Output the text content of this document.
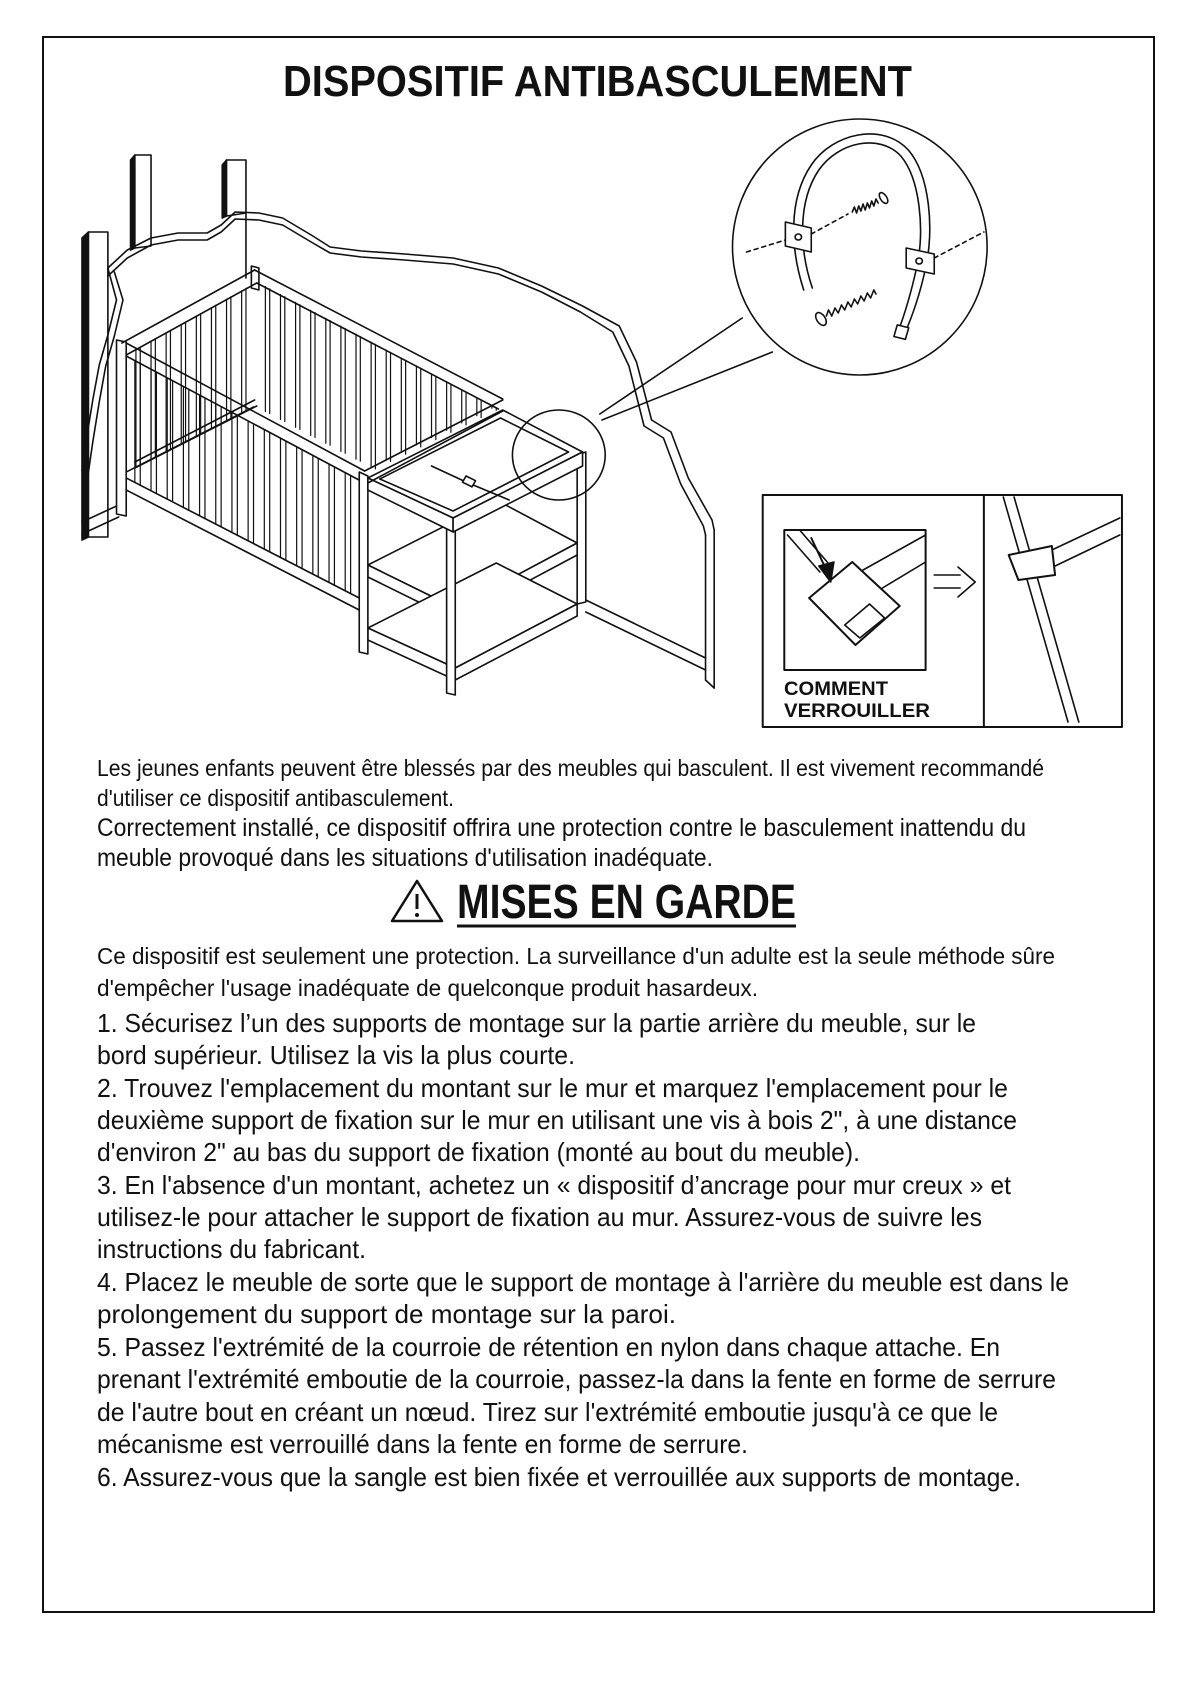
DISPOSITIF ANTIBASCULEMENT
COMMENT
VERROUILLER
Les jeunes enfants peuvent être blessés par des meubles qui basculent. Il est vivement recommandé
d'utiliser ce dispositif antibasculement.
Correctement installé, ce dispositif offrira une protection contre le basculement inattendu du
meuble provoqué dans les situations d'utilisation inadéquate.
MISES EN GARDE
Ce dispositif est seulement une protection. La surveillance d'un adulte est la seule méthode sûre
d'empêcher l'usage inadéquate de quelconque produit hasardeux.
1. Sécurisez l’un des supports de montage sur la partie arrière du meuble, sur le
bord supérieur. Utilisez la vis la plus courte.
2. Trouvez l'emplacement du montant sur le mur et marquez l'emplacement pour le
deuxième support de fixation sur le mur en utilisant une vis à bois 2", à une distance
d'environ 2" au bas du support de fixation (monté au bout du meuble).
3. En l'absence d'un montant, achetez un « dispositif d’ancrage pour mur creux » et
utilisez-le pour attacher le support de fixation au mur. Assurez-vous de suivre les
instructions du fabricant.
4. Placez le meuble de sorte que le support de montage à l'arrière du meuble est dans le
prolongement du support de montage sur la paroi.
5. Passez l'extrémité de la courroie de rétention en nylon dans chaque attache. En
prenant l'extrémité emboutie de la courroie, passez-la dans la fente en forme de serrure
de l'autre bout en créant un nœud. Tirez sur l'extrémité emboutie jusqu'à ce que le
mécanisme est verrouillé dans la fente en forme de serrure.
6. Assurez-vous que la sangle est bien fixée et verrouillée aux supports de montage.
